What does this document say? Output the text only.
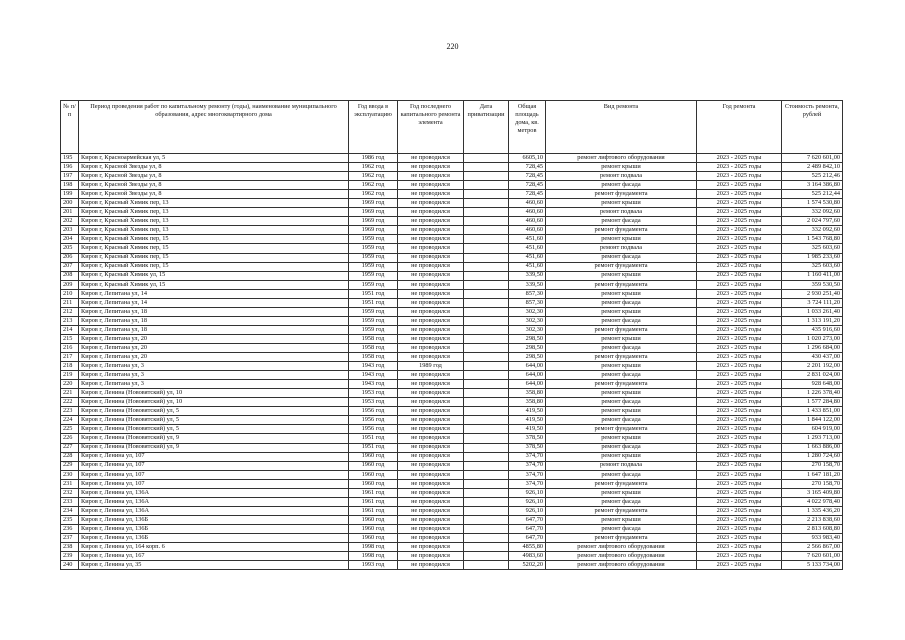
220
№ п/п	Период проведения работ по капитальному ремонту (годы), наименование муниципального образования, адрес многоквартирного дома	Год ввода в эксплуатацию	Год последнего капитального ремонта элемента	Дата приватизации	Общая площадь дома, кв. метров	Вид ремонта	Год ремонта	Стоимость ремонта, рублей
195	Киров г, Красноармейская ул, 5	1986 год	не проводился		6605,10	ремонт лифтового оборудования	2023 - 2025 годы	7 620 601,00
196	Киров г, Красной Звезды ул, 8	1962 год	не проводился		728,45	ремонт крыши	2023 - 2025 годы	2 489 842,10
197	Киров г, Красной Звезды ул, 8	1962 год	не проводился		728,45	ремонт подвала	2023 - 2025 годы	525 212,46
198	Киров г, Красной Звезды ул, 8	1962 год	не проводился		728,45	ремонт фасада	2023 - 2025 годы	3 164 386,80
199	Киров г, Красной Звезды ул, 8	1962 год	не проводился		728,45	ремонт фундамента	2023 - 2025 годы	525 212,44
200	Киров г, Красный Химик пер, 13	1969 год	не проводился		460,60	ремонт крыши	2023 - 2025 годы	1 574 530,80
201	Киров г, Красный Химик пер, 13	1969 год	не проводился		460,60	ремонт подвала	2023 - 2025 годы	332 092,60
202	Киров г, Красный Химик пер, 13	1969 год	не проводился		460,60	ремонт фасада	2023 - 2025 годы	2 024 797,60
203	Киров г, Красный Химик пер, 13	1969 год	не проводился		460,60	ремонт фундамента	2023 - 2025 годы	332 092,60
204	Киров г, Красный Химик пер, 15	1959 год	не проводился		451,60	ремонт крыши	2023 - 2025 годы	1 543 768,80
205	Киров г, Красный Химик пер, 15	1959 год	не проводился		451,60	ремонт подвала	2023 - 2025 годы	325 603,60
206	Киров г, Красный Химик пер, 15	1959 год	не проводился		451,60	ремонт фасада	2023 - 2025 годы	1 985 233,60
207	Киров г, Красный Химик пер, 15	1959 год	не проводился		451,60	ремонт фундамента	2023 - 2025 годы	325 603,60
208	Киров г, Красный Химик ул, 15	1959 год	не проводился		339,50	ремонт крыши	2023 - 2025 годы	1 160 411,00
209	Киров г, Красный Химик ул, 15	1959 год	не проводился		339,50	ремонт фундамента	2023 - 2025 годы	359 530,50
210	Киров г, Лепитана ул, 14	1951 год	не проводился		857,30	ремонт крыши	2023 - 2025 годы	2 930 251,40
211	Киров г, Лепитана ул, 14	1951 год	не проводился		857,30	ремонт фасада	2023 - 2025 годы	3 724 111,20
212	Киров г, Лепитана ул, 18	1959 год	не проводился		302,30	ремонт крыши	2023 - 2025 годы	1 033 261,40
213	Киров г, Лепитана ул, 18	1959 год	не проводился		302,30	ремонт фасада	2023 - 2025 годы	1 313 191,20
214	Киров г, Лепитана ул, 18	1959 год	не проводился		302,30	ремонт фундамента	2023 - 2025 годы	435 916,60
215	Киров г, Лепитана ул, 20	1958 год	не проводился		298,50	ремонт крыши	2023 - 2025 годы	1 020 273,00
216	Киров г, Лепитана ул, 20	1958 год	не проводился		298,50	ремонт фасада	2023 - 2025 годы	1 296 684,00
217	Киров г, Лепитана ул, 20	1958 год	не проводился		298,50	ремонт фундамента	2023 - 2025 годы	430 437,00
218	Киров г, Лепитана ул, 3	1943 год	1989 год		644,00	ремонт крыши	2023 - 2025 годы	2 201 192,00
219	Киров г, Лепитана ул, 3	1943 год	не проводился		644,00	ремонт фасада	2023 - 2025 годы	2 831 024,00
220	Киров г, Лепитана ул, 3	1943 год	не проводился		644,00	ремонт фундамента	2023 - 2025 годы	928 648,00
221	Киров г, Ленина (Нововятский) ул, 10	1953 год	не проводился		358,80	ремонт крыши	2023 - 2025 годы	1 226 378,40
222	Киров г, Ленина (Нововятский) ул, 10	1953 год	не проводился		358,80	ремонт фасада	2023 - 2025 годы	1 577 284,80
223	Киров г, Ленина (Нововятский) ул, 5	1956 год	не проводился		419,50	ремонт крыши	2023 - 2025 годы	1 433 851,00
224	Киров г, Ленина (Нововятский) ул, 5	1956 год	не проводился		419,50	ремонт фасада	2023 - 2025 годы	1 844 122,00
225	Киров г, Ленина (Нововятский) ул, 5	1956 год	не проводился		419,50	ремонт фундамента	2023 - 2025 годы	604 919,00
226	Киров г, Ленина (Нововятский) ул, 9	1951 год	не проводился		378,50	ремонт крыши	2023 - 2025 годы	1 293 713,00
227	Киров г, Ленина (Нововятский) ул, 9	1951 год	не проводился		378,50	ремонт фасада	2023 - 2025 годы	1 663 886,00
228	Киров г, Ленина ул, 107	1960 год	не проводился		374,70	ремонт крыши	2023 - 2025 годы	1 280 724,60
229	Киров г, Ленина ул, 107	1960 год	не проводился		374,70	ремонт подвала	2023 - 2025 годы	270 158,70
230	Киров г, Ленина ул, 107	1960 год	не проводился		374,70	ремонт фасада	2023 - 2025 годы	1 647 181,20
231	Киров г, Ленина ул, 107	1960 год	не проводился		374,70	ремонт фундамента	2023 - 2025 годы	270 158,70
232	Киров г, Ленина ул, 136А	1961 год	не проводился		926,10	ремонт крыши	2023 - 2025 годы	3 165 409,80
233	Киров г, Ленина ул, 136А	1961 год	не проводился		926,10	ремонт фасада	2023 - 2025 годы	4 022 978,40
234	Киров г, Ленина ул, 136А	1961 год	не проводился		926,10	ремонт фундамента	2023 - 2025 годы	1 335 436,20
235	Киров г, Ленина ул, 136Б	1960 год	не проводился		647,70	ремонт крыши	2023 - 2025 годы	2 213 838,60
236	Киров г, Ленина ул, 136Б	1960 год	не проводился		647,70	ремонт фасада	2023 - 2025 годы	2 813 608,80
237	Киров г, Ленина ул, 136Б	1960 год	не проводился		647,70	ремонт фундамента	2023 - 2025 годы	933 983,40
238	Киров г, Ленина ул, 164 корп. 6	1998 год	не проводился		4855,80	ремонт лифтового оборудования	2023 - 2025 годы	2 566 867,00
239	Киров г, Ленина ул, 167	1998 год	не проводился		4983,60	ремонт лифтового оборудования	2023 - 2025 годы	7 620 601,00
240	Киров г, Ленина ул, 35	1993 год	не проводился		5202,20	ремонт лифтового оборудования	2023 - 2025 годы	5 133 734,00
